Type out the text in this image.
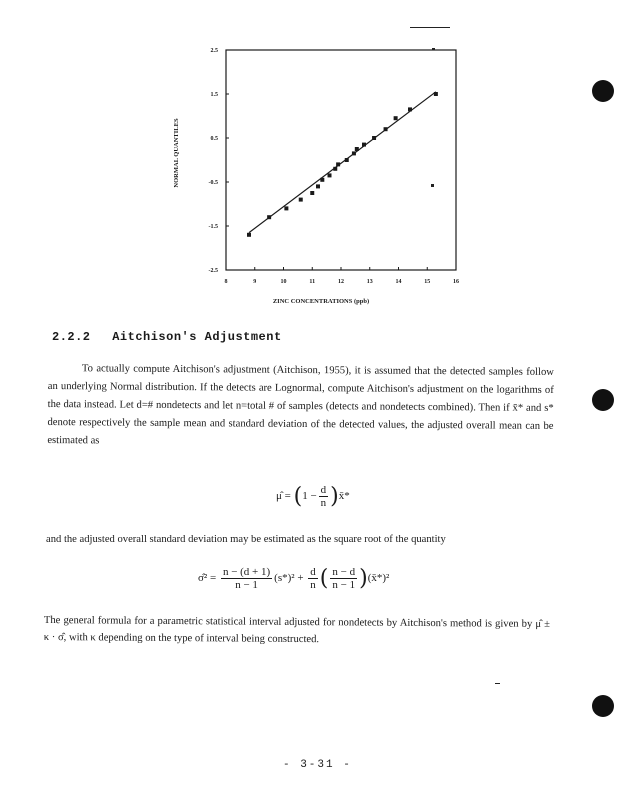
8	9	10	11	12	13	14	15	16
2.5
1.5
0.5
-0.5
-1.5
-2.5
ZINC CONCENTRATIONS (ppb)
NORMAL QUANTILES
2.2.2 Aitchison's Adjustment

To actually compute Aitchison's adjustment (Aitchison, 1955), it is assumed that the detected samples follow an underlying Normal distribution. If the detects are Lognormal, compute Aitchison's adjustment on the logarithms of the data instead. Let d=# nondetects and let n=total # of samples (detects and nondetects combined). Then if x̄* and s* denote respectively the sample mean and standard deviation of the detected values, the adjusted overall mean can be estimated as

μ̂ = ($1 - \frac{d}{n}$ )x̄*
and the adjusted overall standard deviation may be estimated as the square root of the quantity
σ̂² = $\frac{n - (d + 1)}{n - 1} (s*)^2 + \frac{d}{n}$ ( $\frac{n - d}{n - 1}$ )(x̄*)²
The general formula for a parametric statistical interval adjusted for nondetects by Aitchison's method is given by μ̂ ± κ · σ̂, with κ depending on the type of interval being constructed.
- 3-31 -
